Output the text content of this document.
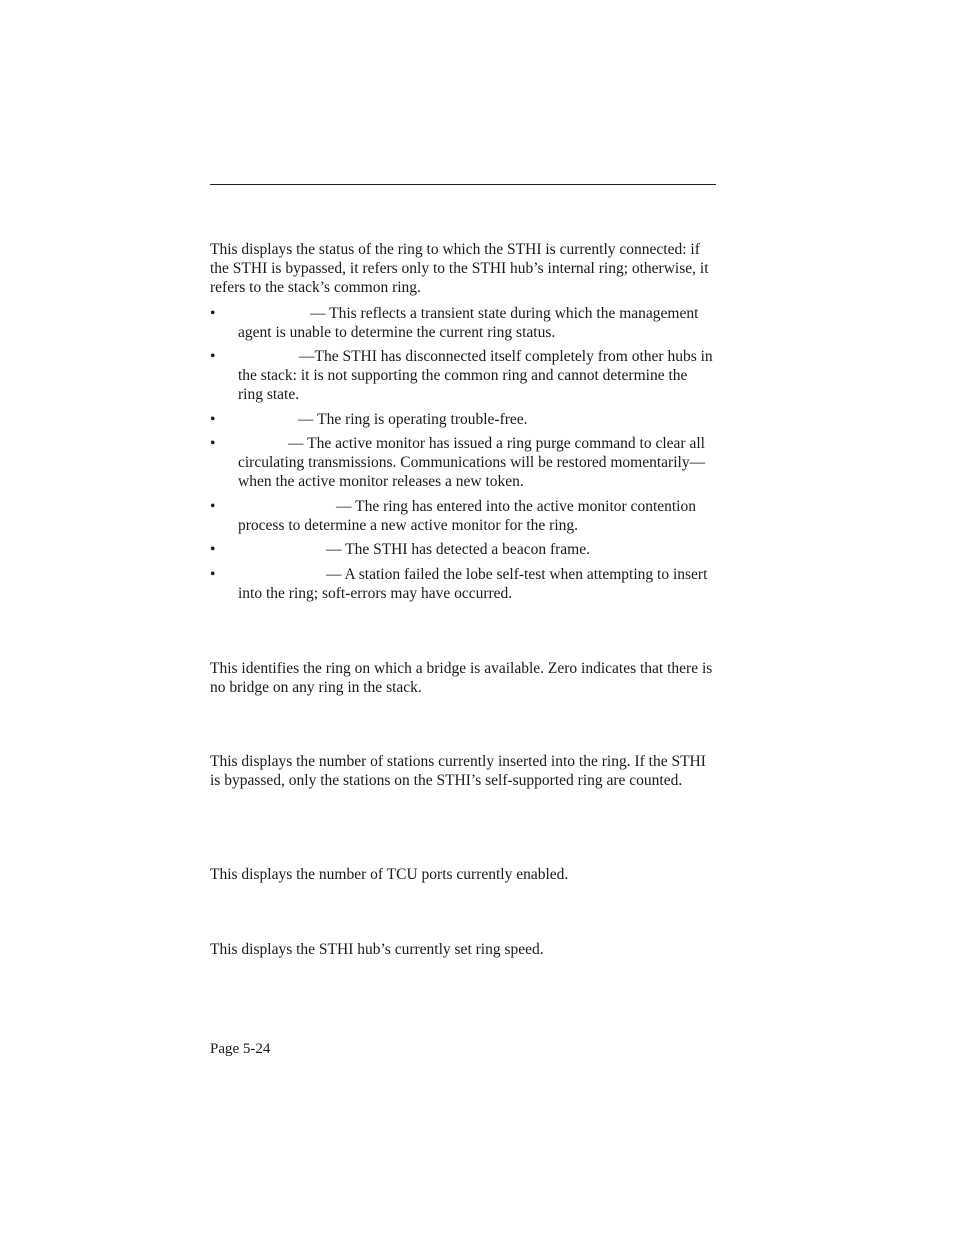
This displays the status of the ring to which the STHI is currently connected: if the STHI is bypassed, it refers only to the STHI hub’s internal ring; otherwise, it refers to the stack’s common ring.

•	— This reflects a transient state during which the management agent is unable to determine the current ring status.
•	—The STHI has disconnected itself completely from other hubs in the stack: it is not supporting the common ring and cannot determine the ring state.
•	— The ring is operating trouble-free.
•	— The active monitor has issued a ring purge command to clear all circulating transmissions. Communications will be restored momentarily—when the active monitor releases a new token.
•	— The ring has entered into the active monitor contention process to determine a new active monitor for the ring.
•	— The STHI has detected a beacon frame.
•	— A station failed the lobe self-test when attempting to insert into the ring; soft-errors may have occurred.

This identifies the ring on which a bridge is available. Zero indicates that there is no bridge on any ring in the stack.

This displays the number of stations currently inserted into the ring. If the STHI is bypassed, only the stations on the STHI’s self-supported ring are counted.

This displays the number of TCU ports currently enabled.

This displays the STHI hub’s currently set ring speed.

Page 5-24
